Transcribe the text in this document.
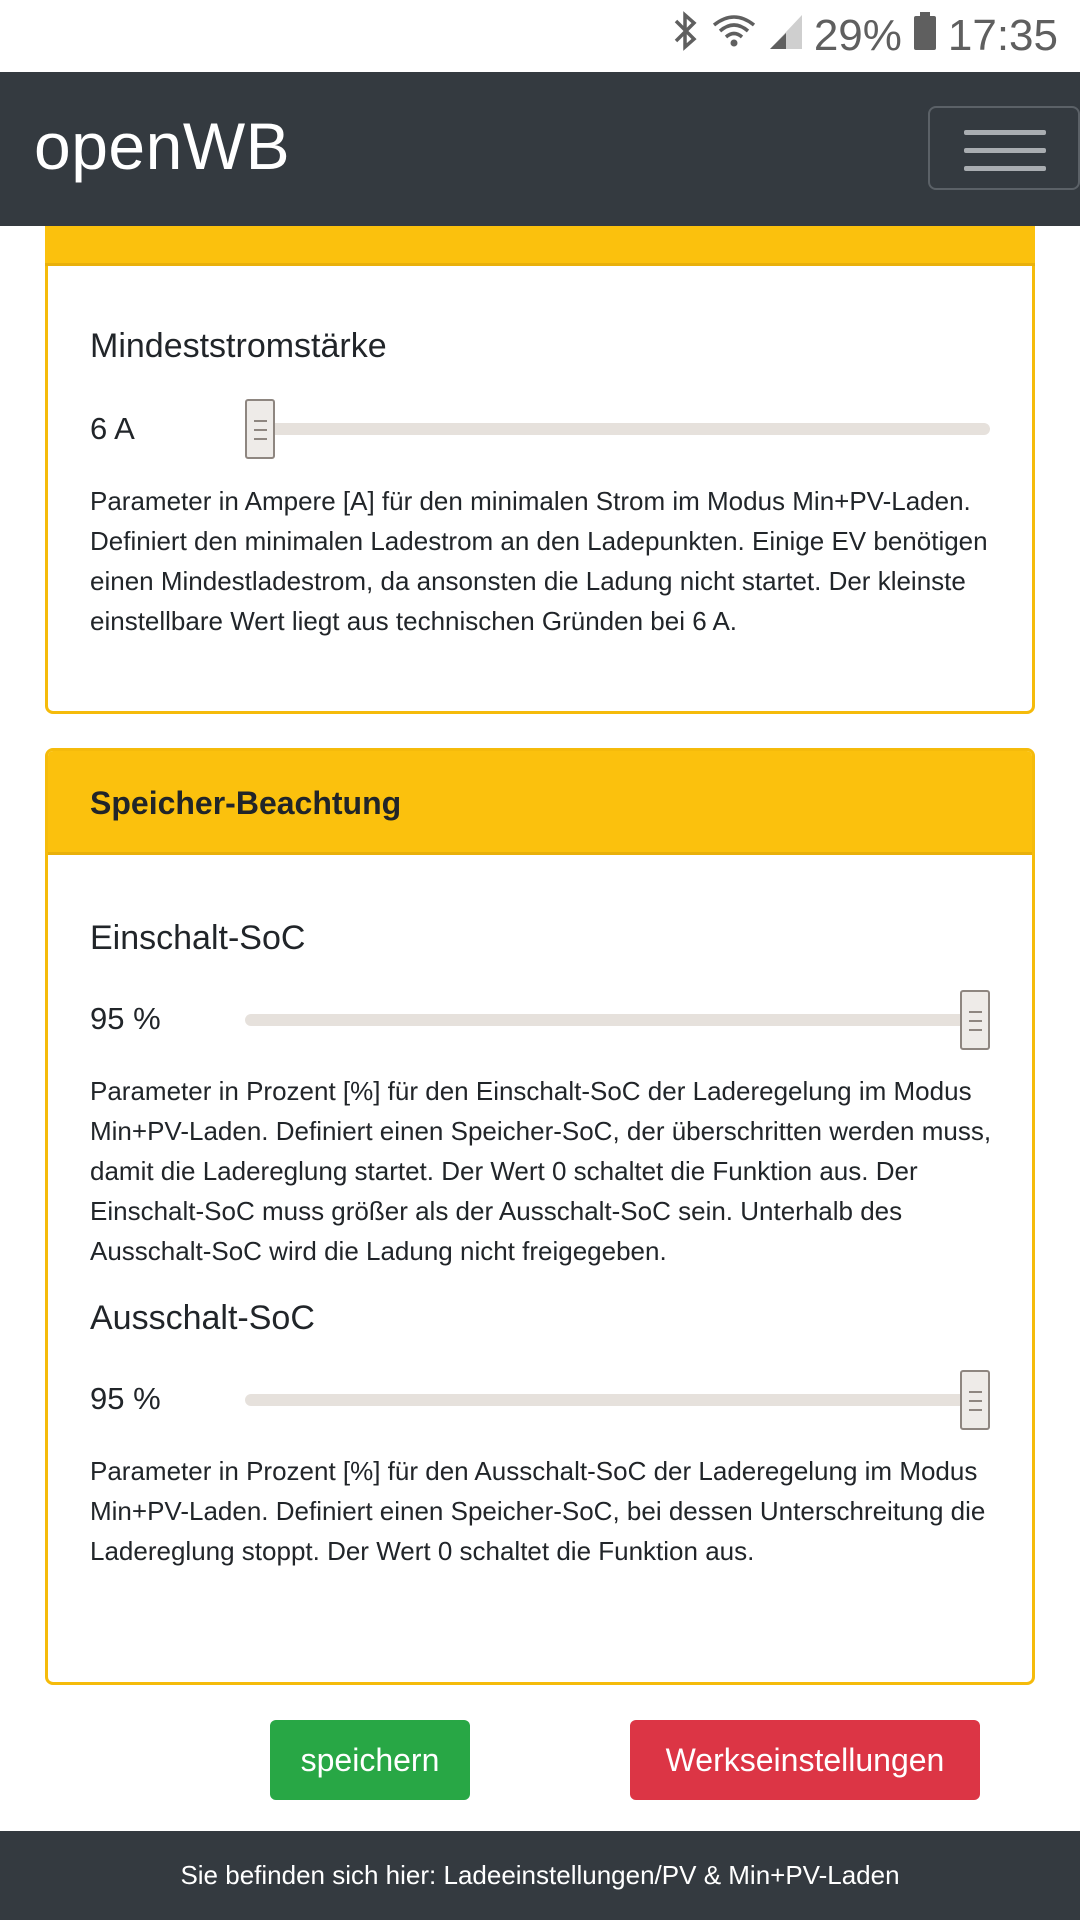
29% 17:35
openWB
Mindeststromstärke
6 A

Parameter in Ampere [A] für den minimalen Strom im Modus Min+PV-Laden. Definiert den minimalen Ladestrom an den Ladepunkten. Einige EV benötigen einen Mindestladestrom, da ansonsten die Ladung nicht startet. Der kleinste einstellbare Wert liegt aus technischen Gründen bei 6 A.

Speicher-Beachtung
Einschalt-SoC
95 %

Parameter in Prozent [%] für den Einschalt-SoC der Laderegelung im Modus Min+PV-Laden. Definiert einen Speicher-SoC, der überschritten werden muss, damit die Ladereglung startet. Der Wert 0 schaltet die Funktion aus. Der Einschalt-SoC muss größer als der Ausschalt-SoC sein. Unterhalb des Ausschalt-SoC wird die Ladung nicht freigegeben.

Ausschalt-SoC
95 %

Parameter in Prozent [%] für den Ausschalt-SoC der Laderegelung im Modus Min+PV-Laden. Definiert einen Speicher-SoC, bei dessen Unterschreitung die Ladereglung stoppt. Der Wert 0 schaltet die Funktion aus.

speichern	Werkseinstellungen
Sie befinden sich hier: Ladeeinstellungen/PV & Min+PV-Laden
